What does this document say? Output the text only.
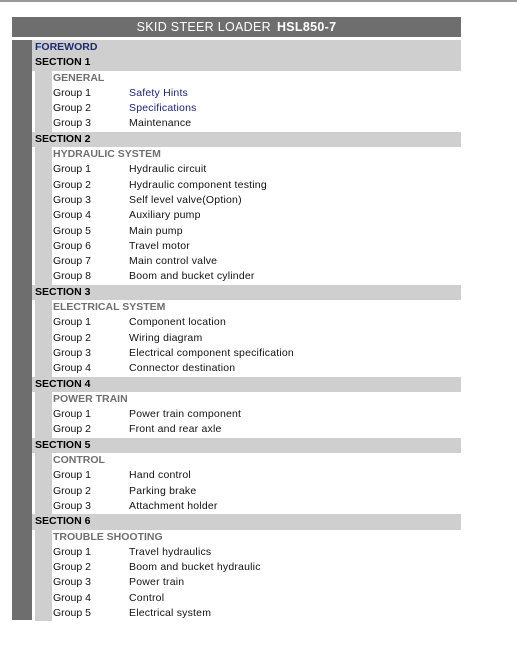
SKID STEER LOADER HSL850-7
FOREWORD
SECTION 1
GENERAL
Group 1	Safety Hints
Group 2	Specifications
Group 3	Maintenance
SECTION 2
HYDRAULIC SYSTEM
Group 1	Hydraulic circuit
Group 2	Hydraulic component testing
Group 3	Self level valve(Option)
Group 4	Auxiliary pump
Group 5	Main pump
Group 6	Travel motor
Group 7	Main control valve
Group 8	Boom and bucket cylinder
SECTION 3
ELECTRICAL SYSTEM
Group 1	Component location
Group 2	Wiring diagram
Group 3	Electrical component specification
Group 4	Connector destination
SECTION 4
POWER TRAIN
Group 1	Power train component
Group 2	Front and rear axle
SECTION 5
CONTROL
Group 1	Hand control
Group 2	Parking brake
Group 3	Attachment holder
SECTION 6
TROUBLE SHOOTING
Group 1	Travel hydraulics
Group 2	Boom and bucket hydraulic
Group 3	Power train
Group 4	Control
Group 5	Electrical system
